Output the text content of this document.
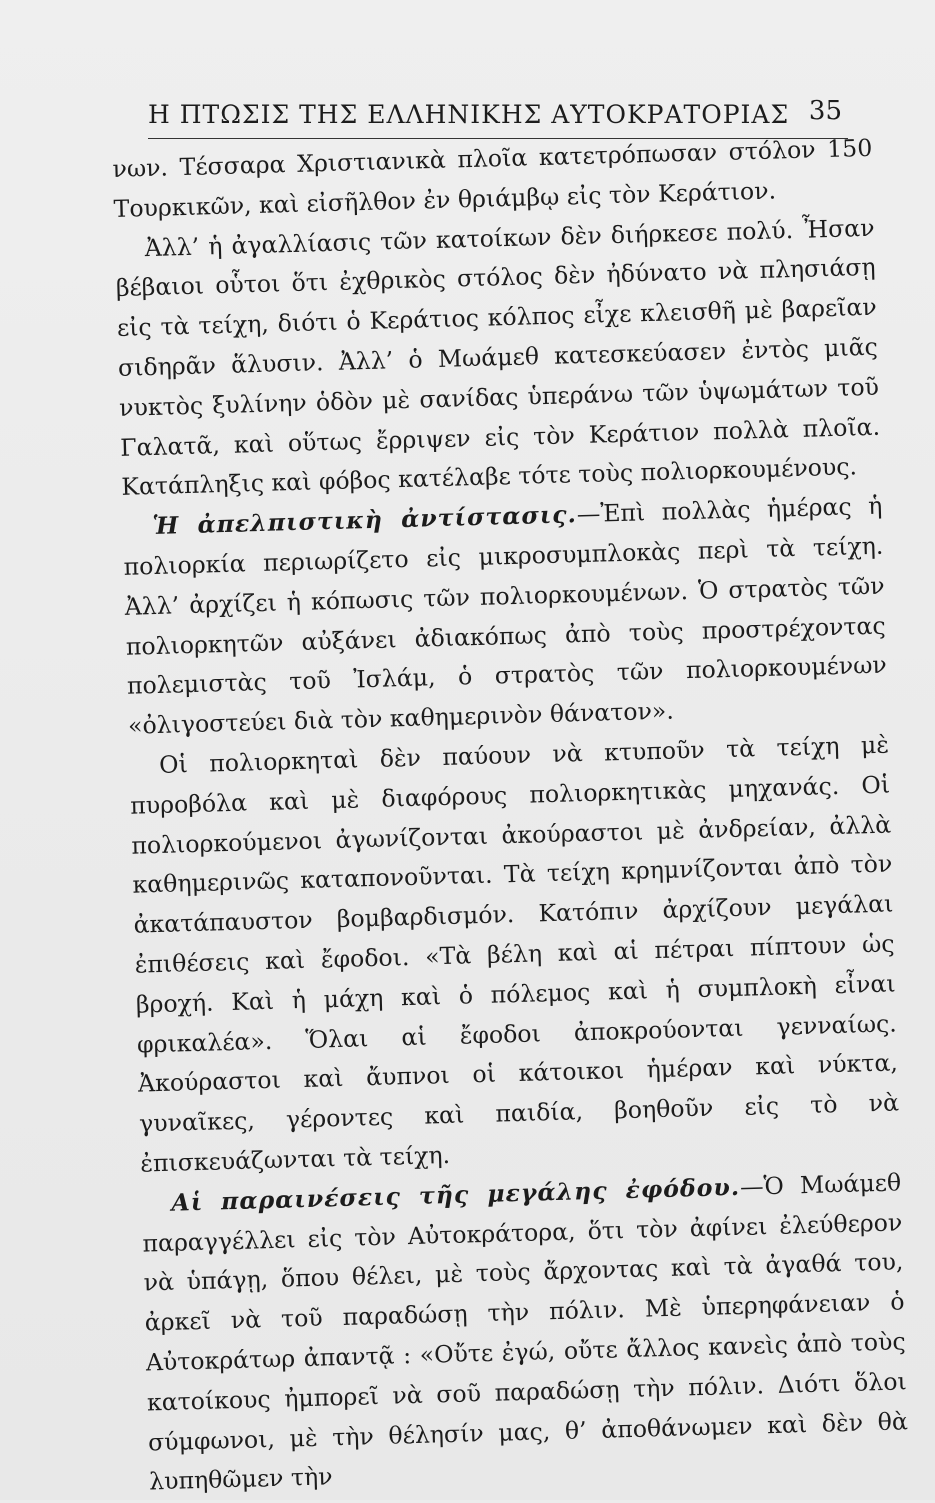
Η ΠΤΩΣΙΣ ΤΗΣ ΕΛΛΗΝΙΚΗΣ ΑΥΤΟΚΡΑΤΟΡΙΑΣ 35

νων. Τέσσαρα Χριστιανικὰ πλοῖα κατετρόπωσαν στόλον 150 Τουρκικῶν, καὶ εἰσῆλθον ἐν θριάμβῳ εἰς τὸν Κεράτιον.

Ἀλλ’ ἡ ἀγαλλίασις τῶν κατοίκων δὲν διήρκεσε πολύ. Ἦσαν βέβαιοι οὗτοι ὅτι ἐχθρικὸς στόλος δὲν ἠδύνατο νὰ πλησιάσῃ εἰς τὰ τείχη, διότι ὁ Κεράτιος κόλπος εἶχε κλεισθῆ μὲ βαρεῖαν σιδηρᾶν ἅλυσιν. Ἀλλ’ ὁ Μωάμεθ κατεσκεύασεν ἐντὸς μιᾶς νυκτὸς ξυλίνην ὁδὸν μὲ σανίδας ὑπεράνω τῶν ὑψωμάτων τοῦ Γαλατᾶ, καὶ οὕτως ἔρριψεν εἰς τὸν Κεράτιον πολλὰ πλοῖα. Κατάπληξις καὶ φόβος κατέλαβε τότε τοὺς πολιορκουμένους.

Ἡ ἀπελπιστικὴ ἀντίστασις.—Ἐπὶ πολλὰς ἡμέρας ἡ πολιορκία περιωρίζετο εἰς μικροσυμπλοκὰς περὶ τὰ τείχη. Ἀλλ’ ἀρχίζει ἡ κόπωσις τῶν πολιορκουμένων. Ὁ στρατὸς τῶν πολιορκητῶν αὐξάνει ἀδιακόπως ἀπὸ τοὺς προστρέχοντας πολεμιστὰς τοῦ Ἰσλάμ, ὁ στρατὸς τῶν πολιορκουμένων «ὀλιγοστεύει διὰ τὸν καθημερινὸν θάνατον».

Οἱ πολιορκηταὶ δὲν παύουν νὰ κτυποῦν τὰ τείχη μὲ πυροβόλα καὶ μὲ διαφόρους πολιορκητικὰς μηχανάς. Οἱ πολιορκούμενοι ἀγωνίζονται ἀκούραστοι μὲ ἀνδρείαν, ἀλλὰ καθημερινῶς καταπονοῦνται. Τὰ τείχη κρημνίζονται ἀπὸ τὸν ἀκατάπαυστον βομβαρδισμόν. Κατόπιν ἀρχίζουν μεγάλαι ἐπιθέσεις καὶ ἔφοδοι. «Τὰ βέλη καὶ αἱ πέτραι πίπτουν ὡς βροχή. Καὶ ἡ μάχη καὶ ὁ πόλεμος καὶ ἡ συμπλοκὴ εἶναι φρικαλέα». Ὅλαι αἱ ἔφοδοι ἀποκρούονται γενναίως. Ἀκούραστοι καὶ ἄυπνοι οἱ κάτοικοι ἡμέραν καὶ νύκτα, γυναῖκες, γέροντες καὶ παιδία, βοηθοῦν εἰς τὸ νὰ ἐπισκευάζωνται τὰ τείχη.

Αἱ παραινέσεις τῆς μεγάλης ἐφόδου.—Ὁ Μωάμεθ παραγγέλλει εἰς τὸν Αὐτοκράτορα, ὅτι τὸν ἀφίνει ἐλεύθερον νὰ ὑπάγῃ, ὅπου θέλει, μὲ τοὺς ἄρχοντας καὶ τὰ ἀγαθά του, ἀρκεῖ νὰ τοῦ παραδώσῃ τὴν πόλιν. Μὲ ὑπερηφάνειαν ὁ Αὐτοκράτωρ ἀπαντᾷ : «Οὔτε ἐγώ, οὔτε ἄλλος κανεὶς ἀπὸ τοὺς κατοίκους ἠμπορεῖ νὰ σοῦ παραδώσῃ τὴν πόλιν. Διότι ὅλοι σύμφωνοι, μὲ τὴν θέλησίν μας, θ’ ἀποθάνωμεν καὶ δὲν θὰ λυπηθῶμεν τὴν
